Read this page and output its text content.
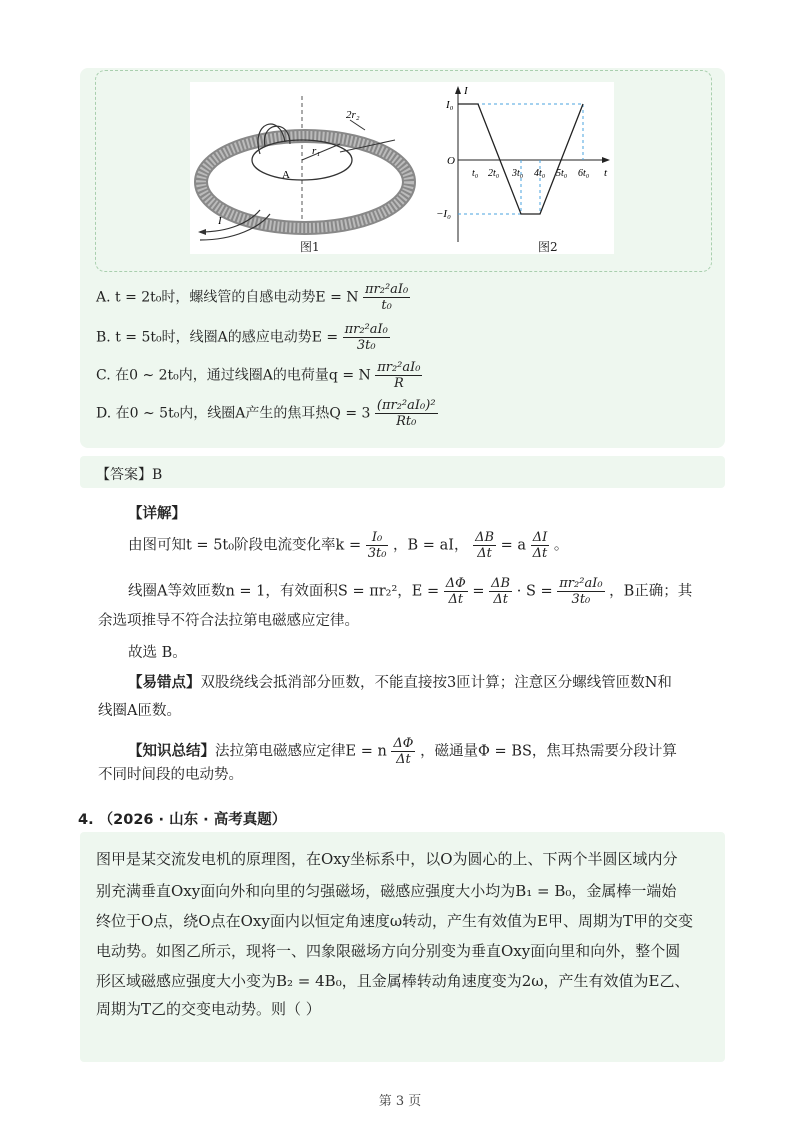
2r₂
r₁
A
I
图1
I₀
−I₀
O
I
t
t₀ 2t₀ 3t₀ 4t₀ 5t₀ 6t₀
图2
A. t = 2t₀时，螺线管的自感电动势E = N $\frac{\text{πr₂²aI₀}}{\text{t₀}}$
B. t = 5t₀时，线圈A的感应电动势$E = \frac{\text{πr₂²aI₀}}{\text{3t₀}}$
C. 在0 ∼ 2t₀内，通过线圈A的电荷量q = N $\frac{\text{πr₂²aI₀}}{R}$
D. 在0 ∼ 5t₀内，线圈A产生的焦耳热$Q = 3 \frac{\text{(πr₂²aI₀)²}}{\text{Rt₀}}$
【答案】B
【详解】
由图可知t = 5t₀阶段电流变化率$k = \frac{\text{I₀}}{\text{3t₀}}$ ，B = aI， $\frac{\Delta B}{\Delta t} = a \frac{\Delta I}{\Delta t}$ 。
线圈A等效匝数n = 1，有效面积S = πr₂²，$E = \frac{\Delta\Phi}{\Delta t} = \frac{\Delta B}{\Delta t} \cdot S = \frac{\text{πr₂²aI₀}}{\text{3t₀}}$ ，B正确；其
余选项推导不符合法拉第电磁感应定律。
故选 B。
【易错点】双股绕线会抵消部分匝数，不能直接按3匝计算；注意区分螺线管匝数N和
线圈A匝数。
【知识总结】法拉第电磁感应定律E = n $\frac{\Delta\Phi}{\Delta t}$ ，磁通量Φ = BS，焦耳热需要分段计算
不同时间段的电动势。
4. （2026 · 山东 · 高考真题）
图甲是某交流发电机的原理图，在Oxy坐标系中，以O为圆心的上、下两个半圆区域内分
别充满垂直Oxy面向外和向里的匀强磁场，磁感应强度大小均为B₁ = B₀，金属棒一端始
终位于O点，绕O点在Oxy面内以恒定角速度ω转动，产生有效值为E甲、周期为T甲的交变
电动势。如图乙所示，现将一、四象限磁场方向分别变为垂直Oxy面向里和向外，整个圆
形区域磁感应强度大小变为B₂ = 4B₀，且金属棒转动角速度变为2ω，产生有效值为E乙、
周期为T乙的交变电动势。则（ ）
第 3 页
